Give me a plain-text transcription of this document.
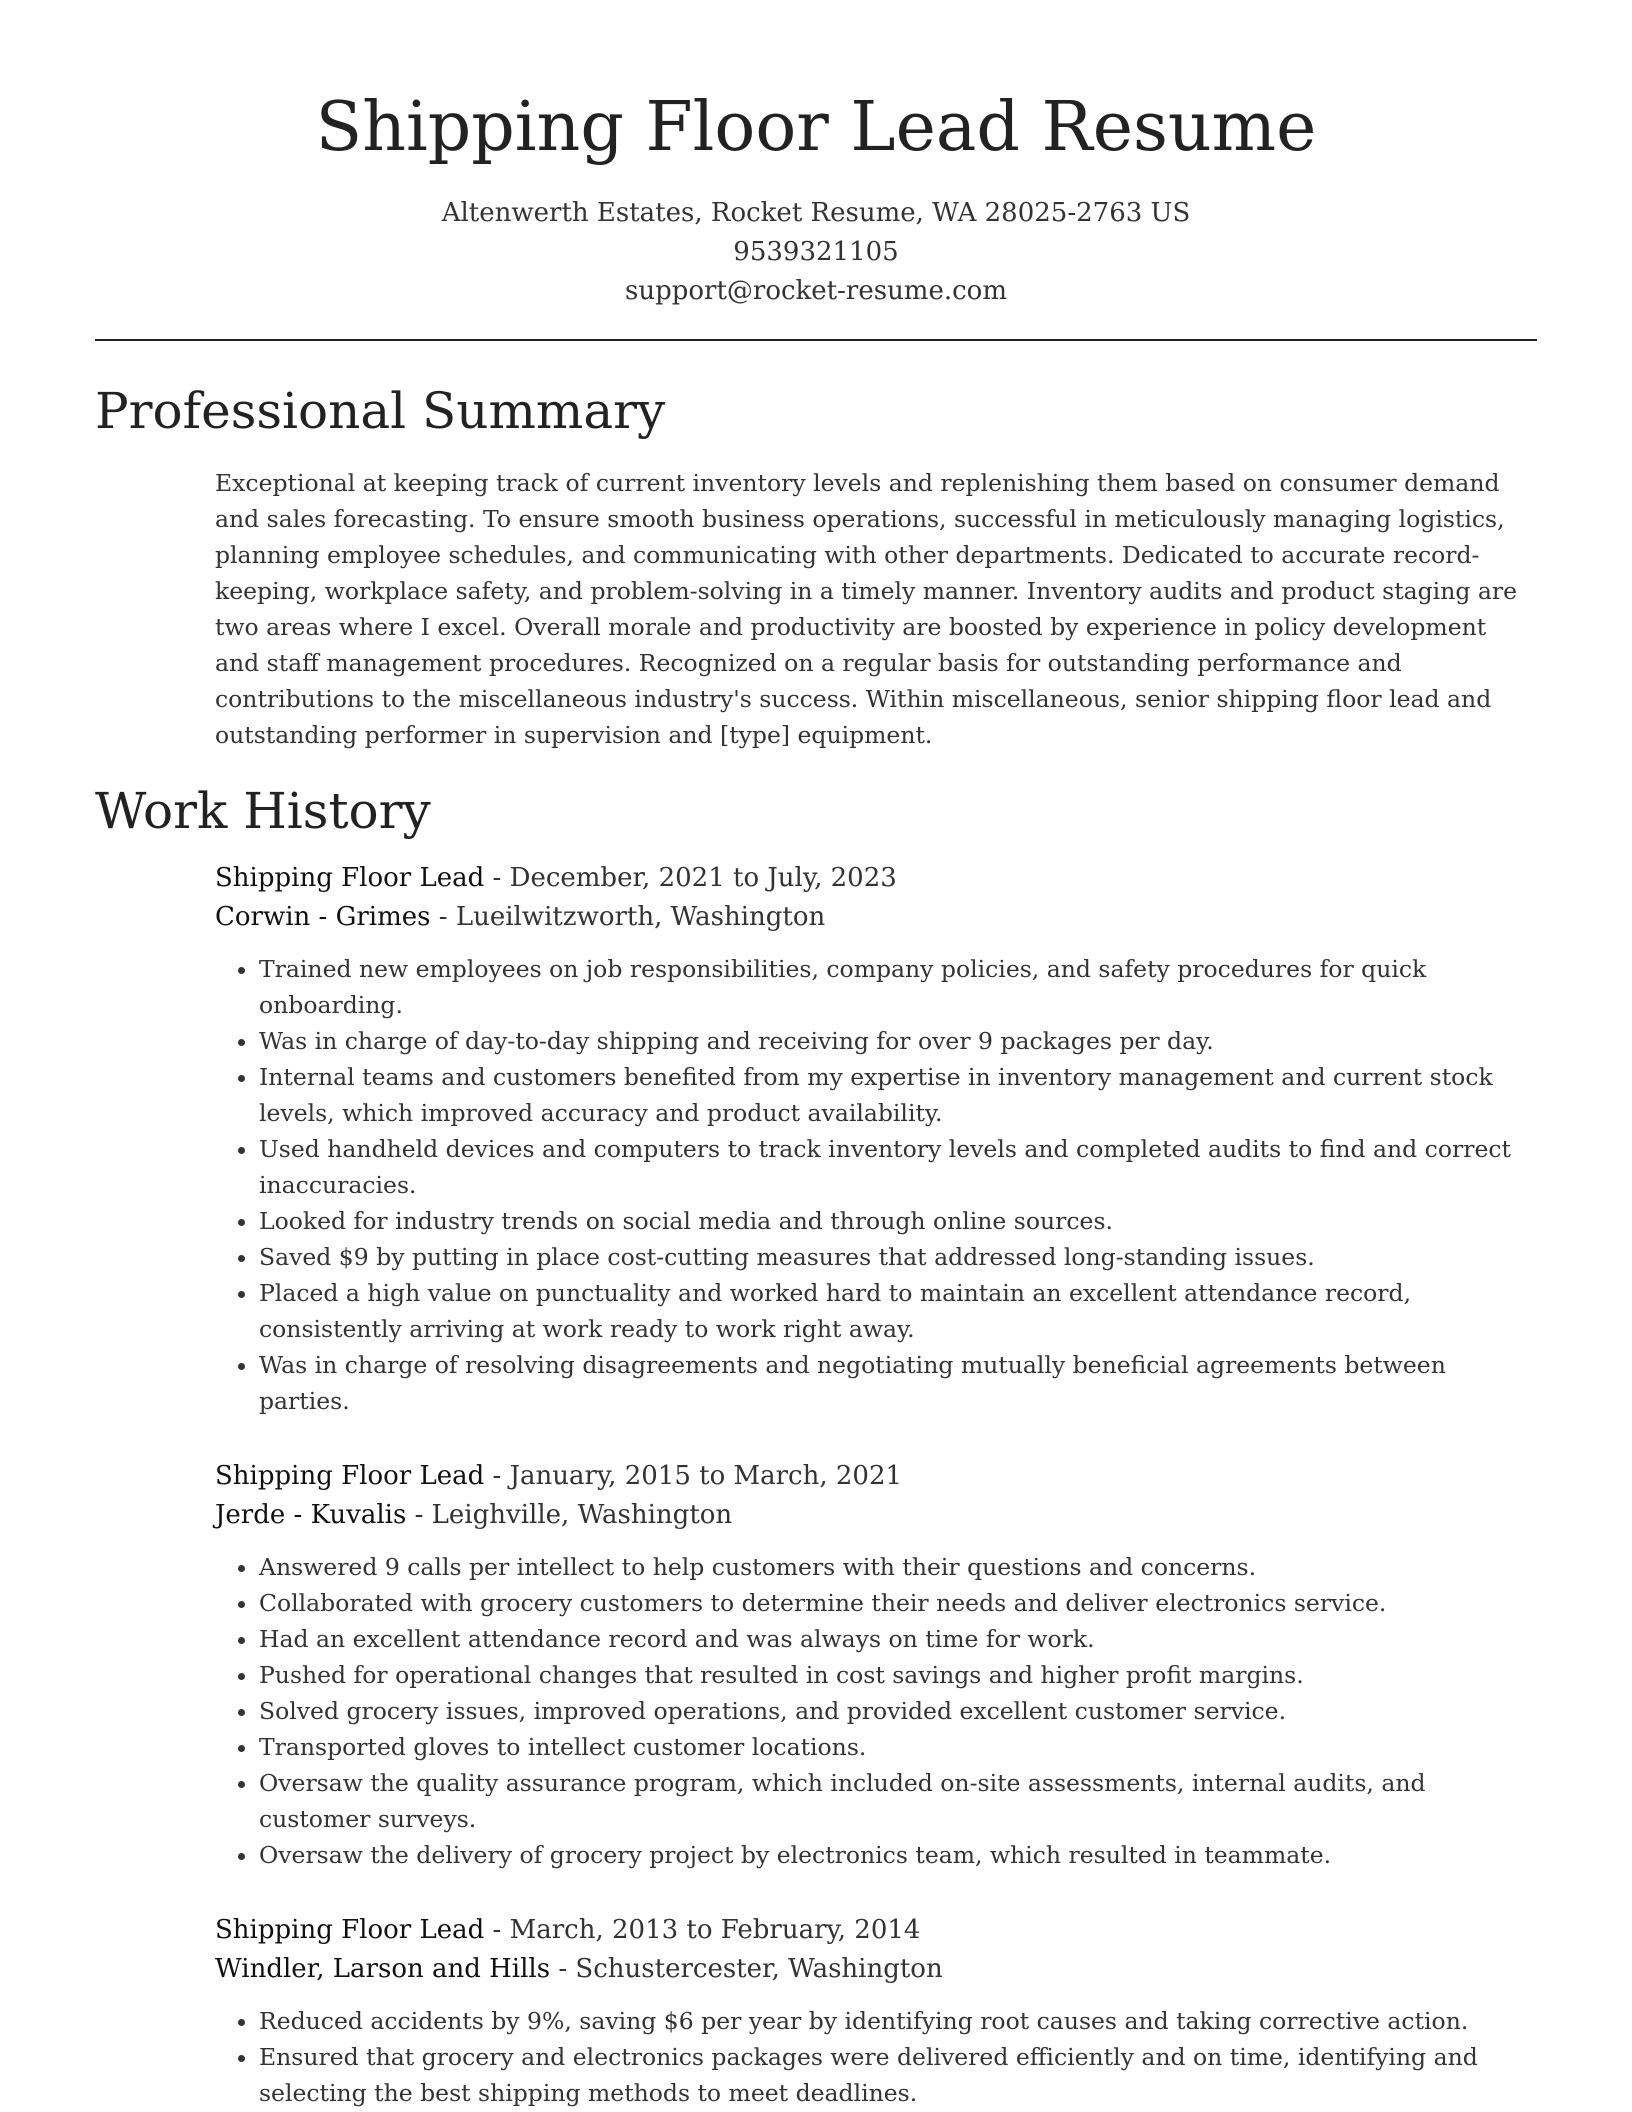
Shipping Floor Lead Resume
Altenwerth Estates, Rocket Resume, WA 28025-2763 US
9539321105
support@rocket-resume.com
Professional Summary

Exceptional at keeping track of current inventory levels and replenishing them based on consumer demand and sales forecasting. To ensure smooth business operations, successful in meticulously managing logistics, planning employee schedules, and communicating with other departments. Dedicated to accurate record-keeping, workplace safety, and problem-solving in a timely manner. Inventory audits and product staging are two areas where I excel. Overall morale and productivity are boosted by experience in policy development and staff management procedures. Recognized on a regular basis for outstanding performance and contributions to the miscellaneous industry's success. Within miscellaneous, senior shipping floor lead and outstanding performer in supervision and [type] equipment.

Work History
Shipping Floor Lead - December, 2021 to July, 2023
Corwin - Grimes - Lueilwitzworth, Washington
• Trained new employees on job responsibilities, company policies, and safety procedures for quick onboarding.
• Was in charge of day-to-day shipping and receiving for over 9 packages per day.
• Internal teams and customers benefited from my expertise in inventory management and current stock levels, which improved accuracy and product availability.
• Used handheld devices and computers to track inventory levels and completed audits to find and correct inaccuracies.
• Looked for industry trends on social media and through online sources.
• Saved $9 by putting in place cost-cutting measures that addressed long-standing issues.
• Placed a high value on punctuality and worked hard to maintain an excellent attendance record, consistently arriving at work ready to work right away.
• Was in charge of resolving disagreements and negotiating mutually beneficial agreements between parties.
Shipping Floor Lead - January, 2015 to March, 2021
Jerde - Kuvalis - Leighville, Washington
• Answered 9 calls per intellect to help customers with their questions and concerns.
• Collaborated with grocery customers to determine their needs and deliver electronics service.
• Had an excellent attendance record and was always on time for work.
• Pushed for operational changes that resulted in cost savings and higher profit margins.
• Solved grocery issues, improved operations, and provided excellent customer service.
• Transported gloves to intellect customer locations.
• Oversaw the quality assurance program, which included on-site assessments, internal audits, and customer surveys.
• Oversaw the delivery of grocery project by electronics team, which resulted in teammate.
Shipping Floor Lead - March, 2013 to February, 2014
Windler, Larson and Hills - Schustercester, Washington
• Reduced accidents by 9%, saving $6 per year by identifying root causes and taking corrective action.
• Ensured that grocery and electronics packages were delivered efficiently and on time, identifying and selecting the best shipping methods to meet deadlines.
